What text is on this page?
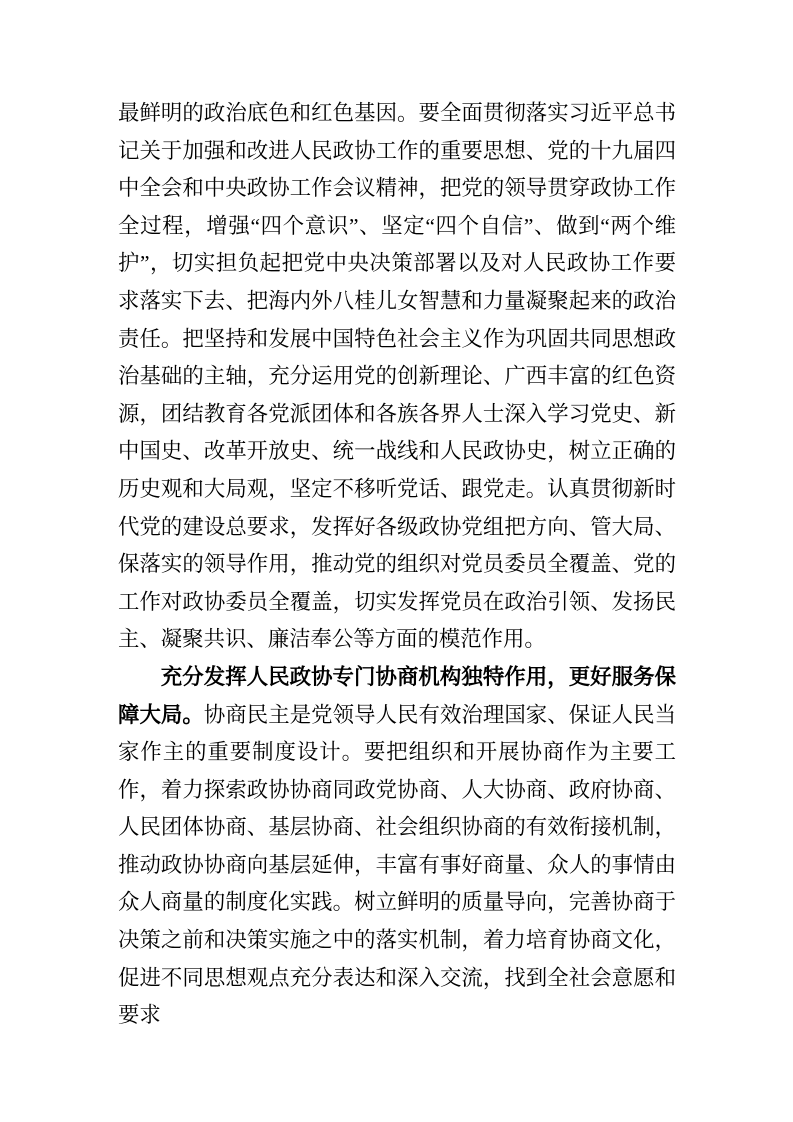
最鲜明的政治底色和红色基因。要全面贯彻落实习近平总书记关于加强和改进人民政协工作的重要思想、党的十九届四中全会和中央政协工作会议精神，把党的领导贯穿政协工作全过程，增强“四个意识”、坚定“四个自信”、做到“两个维护”，切实担负起把党中央决策部署以及对人民政协工作要求落实下去、把海内外八桂儿女智慧和力量凝聚起来的政治责任。把坚持和发展中国特色社会主义作为巩固共同思想政治基础的主轴，充分运用党的创新理论、广西丰富的红色资源，团结教育各党派团体和各族各界人士深入学习党史、新中国史、改革开放史、统一战线和人民政协史，树立正确的历史观和大局观，坚定不移听党话、跟党走。认真贯彻新时代党的建设总要求，发挥好各级政协党组把方向、管大局、保落实的领导作用，推动党的组织对党员委员全覆盖、党的工作对政协委员全覆盖，切实发挥党员在政治引领、发扬民主、凝聚共识、廉洁奉公等方面的模范作用。

充分发挥人民政协专门协商机构独特作用，更好服务保障大局。协商民主是党领导人民有效治理国家、保证人民当家作主的重要制度设计。要把组织和开展协商作为主要工作，着力探索政协协商同政党协商、人大协商、政府协商、人民团体协商、基层协商、社会组织协商的有效衔接机制，推动政协协商向基层延伸，丰富有事好商量、众人的事情由众人商量的制度化实践。树立鲜明的质量导向，完善协商于决策之前和决策实施之中的落实机制，着力培育协商文化，促进不同思想观点充分表达和深入交流，找到全社会意愿和要求
